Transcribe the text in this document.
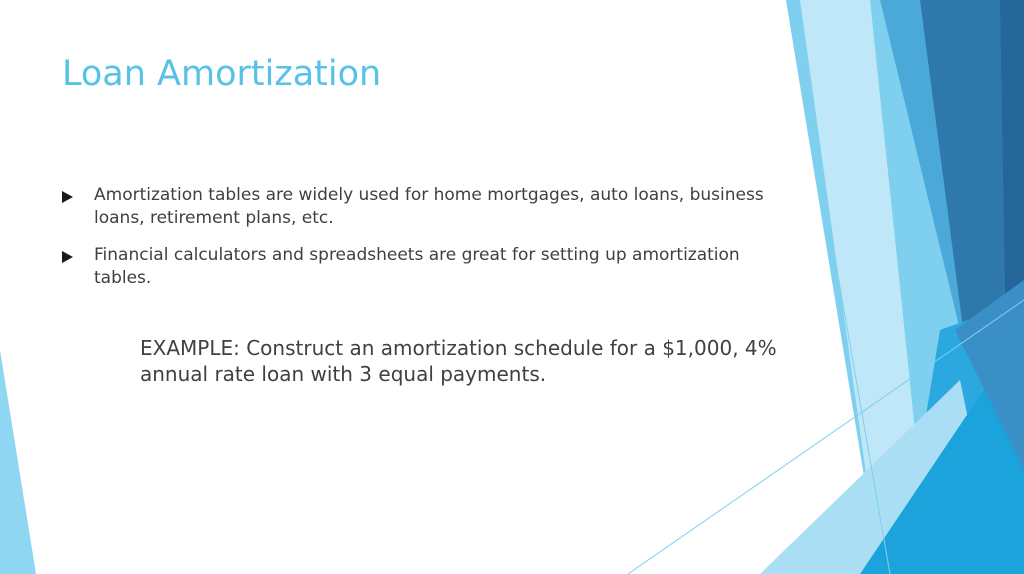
Loan Amortization
Amortization tables are widely used for home mortgages, auto loans, business loans, retirement plans, etc.
Financial calculators and spreadsheets are great for setting up amortization tables.

EXAMPLE: Construct an amortization schedule for a $1,000, 4% annual rate loan with 3 equal payments.
